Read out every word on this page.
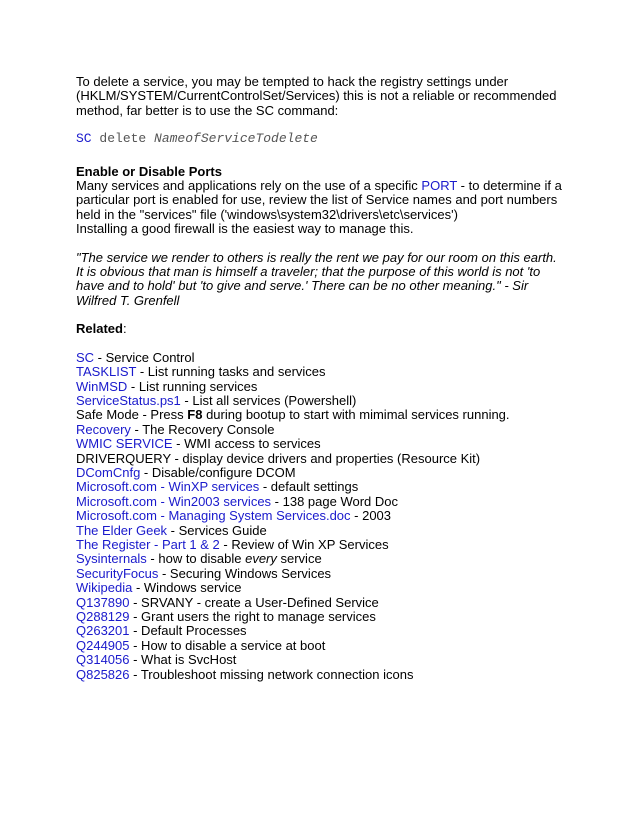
To delete a service, you may be tempted to hack the registry settings under (HKLM/SYSTEM/CurrentControlSet/Services) this is not a reliable or recommended method, far better is to use the SC command:

SC delete NameofServiceTodelete

Enable or Disable Ports

Many services and applications rely on the use of a specific PORT - to determine if a particular port is enabled for use, review the list of Service names and port numbers held in the "services" file ('windows\system32\drivers\etc\services')

Installing a good firewall is the easiest way to manage this.

"The service we render to others is really the rent we pay for our room on this earth. It is obvious that man is himself a traveler; that the purpose of this world is not 'to have and to hold' but 'to give and serve.' There can be no other meaning." - Sir Wilfred T. Grenfell

Related:

SC - Service Control
TASKLIST - List running tasks and services
WinMSD - List running services
ServiceStatus.ps1 - List all services (Powershell)
Safe Mode - Press F8 during bootup to start with mimimal services running.
Recovery - The Recovery Console
WMIC SERVICE - WMI access to services
DRIVERQUERY - display device drivers and properties (Resource Kit)
DComCnfg - Disable/configure DCOM
Microsoft.com - WinXP services - default settings
Microsoft.com - Win2003 services - 138 page Word Doc
Microsoft.com - Managing System Services.doc - 2003
The Elder Geek - Services Guide
The Register - Part 1 & 2 - Review of Win XP Services
Sysinternals - how to disable every service
SecurityFocus - Securing Windows Services
Wikipedia - Windows service
Q137890 - SRVANY - create a User-Defined Service
Q288129 - Grant users the right to manage services
Q263201 - Default Processes
Q244905 - How to disable a service at boot
Q314056 - What is SvcHost
Q825826 - Troubleshoot missing network connection icons
